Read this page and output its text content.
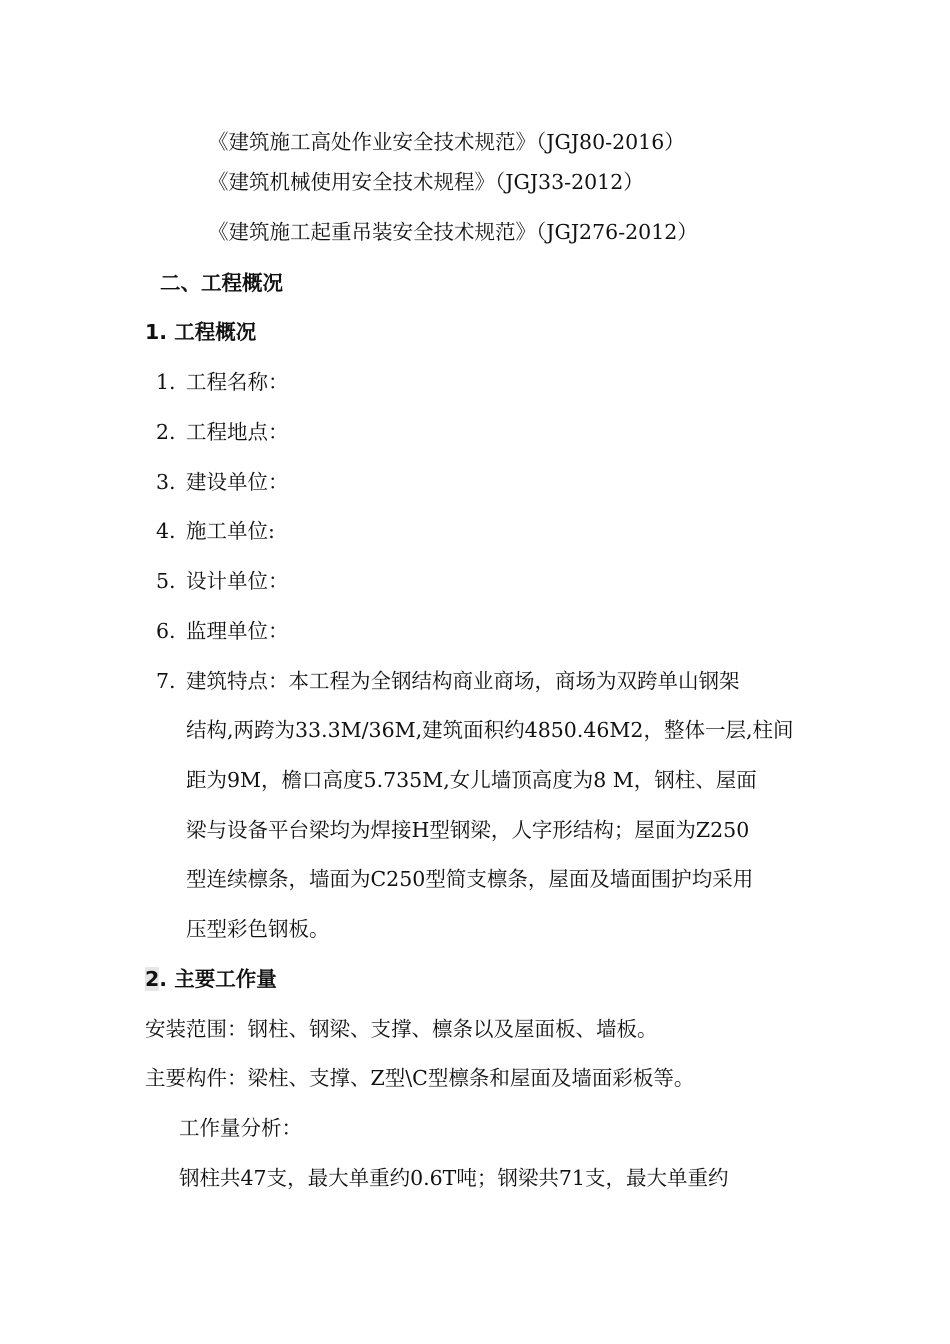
《建筑施工高处作业安全技术规范》（JGJ80-2016）
《建筑机械使用安全技术规程》（JGJ33-2012）
《建筑施工起重吊装安全技术规范》（JGJ276-2012）
二、工程概况
1. 工程概况
1. 工程名称：
2. 工程地点：
3. 建设单位：
4. 施工单位:
5. 设计单位：
6. 监理单位：
7. 建筑特点：本工程为全钢结构商业商场，商场为双跨单山钢架
结构,两跨为33.3M/36M,建筑面积约4850.46M2，整体一层,柱间
距为9M，檐口高度5.735M,女儿墙顶高度为8 M，钢柱、屋面
梁与设备平台梁均为焊接H型钢梁，人字形结构；屋面为Z250
型连续檩条，墙面为C250型简支檩条，屋面及墙面围护均采用
压型彩色钢板。
2. 主要工作量
安装范围：钢柱、钢梁、支撑、檩条以及屋面板、墙板。
主要构件：梁柱、支撑、Z型\C型檩条和屋面及墙面彩板等。
工作量分析：
钢柱共47支，最大单重约0.6T吨；钢梁共71支，最大单重约
